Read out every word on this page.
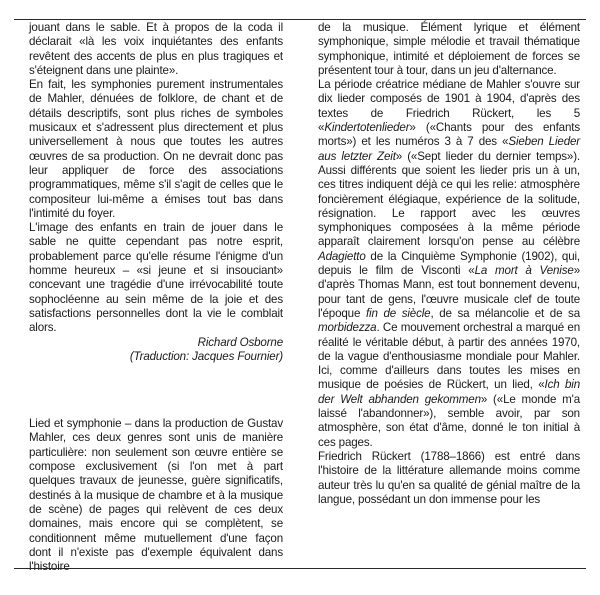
jouant dans le sable. Et à propos de la coda il déclarait «là les voix inquiétantes des enfants revêtent des accents de plus en plus tragiques et s'éteignent dans une plainte».

En fait, les symphonies purement instrumentales de Mahler, dénuées de folklore, de chant et de détails descriptifs, sont plus riches de symboles musicaux et s'adressent plus directement et plus universellement à nous que toutes les autres œuvres de sa production. On ne devrait donc pas leur appliquer de force des associations programmatiques, même s'il s'agit de celles que le compositeur lui-même a émises tout bas dans l'intimité du foyer.

L'image des enfants en train de jouer dans le sable ne quitte cependant pas notre esprit, probablement parce qu'elle résume l'énigme d'un homme heureux – «si jeune et si insouciant» concevant une tragédie d'une irrévocabilité toute sophocléenne au sein même de la joie et des satisfactions personnelles dont la vie le comblait alors.

Richard Osborne

(Traduction: Jacques Fournier)

Lied et symphonie – dans la production de Gustav Mahler, ces deux genres sont unis de manière particulière: non seulement son œuvre entière se compose exclusivement (si l'on met à part quelques travaux de jeunesse, guère significatifs, destinés à la musique de chambre et à la musique de scène) de pages qui relèvent de ces deux domaines, mais encore qui se complètent, se conditionnent même mutuellement d'une façon dont il n'existe pas d'exemple équivalent dans l'histoire

de la musique. Élément lyrique et élément symphonique, simple mélodie et travail thématique symphonique, intimité et déploiement de forces se présentent tour à tour, dans un jeu d'alternance.

La période créatrice médiane de Mahler s'ouvre sur dix lieder composés de 1901 à 1904, d'après des textes de Friedrich Rückert, les 5 «Kindertotenlieder» («Chants pour des enfants morts») et les numéros 3 à 7 des «Sieben Lieder aus letzter Zeit» («Sept lieder du dernier temps»). Aussi différents que soient les lieder pris un à un, ces titres indiquent déjà ce qui les relie: atmosphère foncièrement élégiaque, expérience de la solitude, résignation. Le rapport avec les œuvres symphoniques composées à la même période apparaît clairement lorsqu'on pense au célèbre Adagietto de la Cinquième Symphonie (1902), qui, depuis le film de Visconti «La mort à Venise» d'après Thomas Mann, est tout bonnement devenu, pour tant de gens, l'œuvre musicale clef de toute l'époque fin de siècle, de sa mélancolie et de sa morbidezza. Ce mouvement orchestral a marqué en réalité le véritable début, à partir des années 1970, de la vague d'enthousiasme mondiale pour Mahler. Ici, comme d'ailleurs dans toutes les mises en musique de poésies de Rückert, un lied, «Ich bin der Welt abhanden gekommen» («Le monde m'a laissé l'abandonner»), semble avoir, par son atmosphère, son état d'âme, donné le ton initial à ces pages.

Friedrich Rückert (1788–1866) est entré dans l'histoire de la littérature allemande moins comme auteur très lu qu'en sa qualité de génial maître de la langue, possédant un don immense pour les
